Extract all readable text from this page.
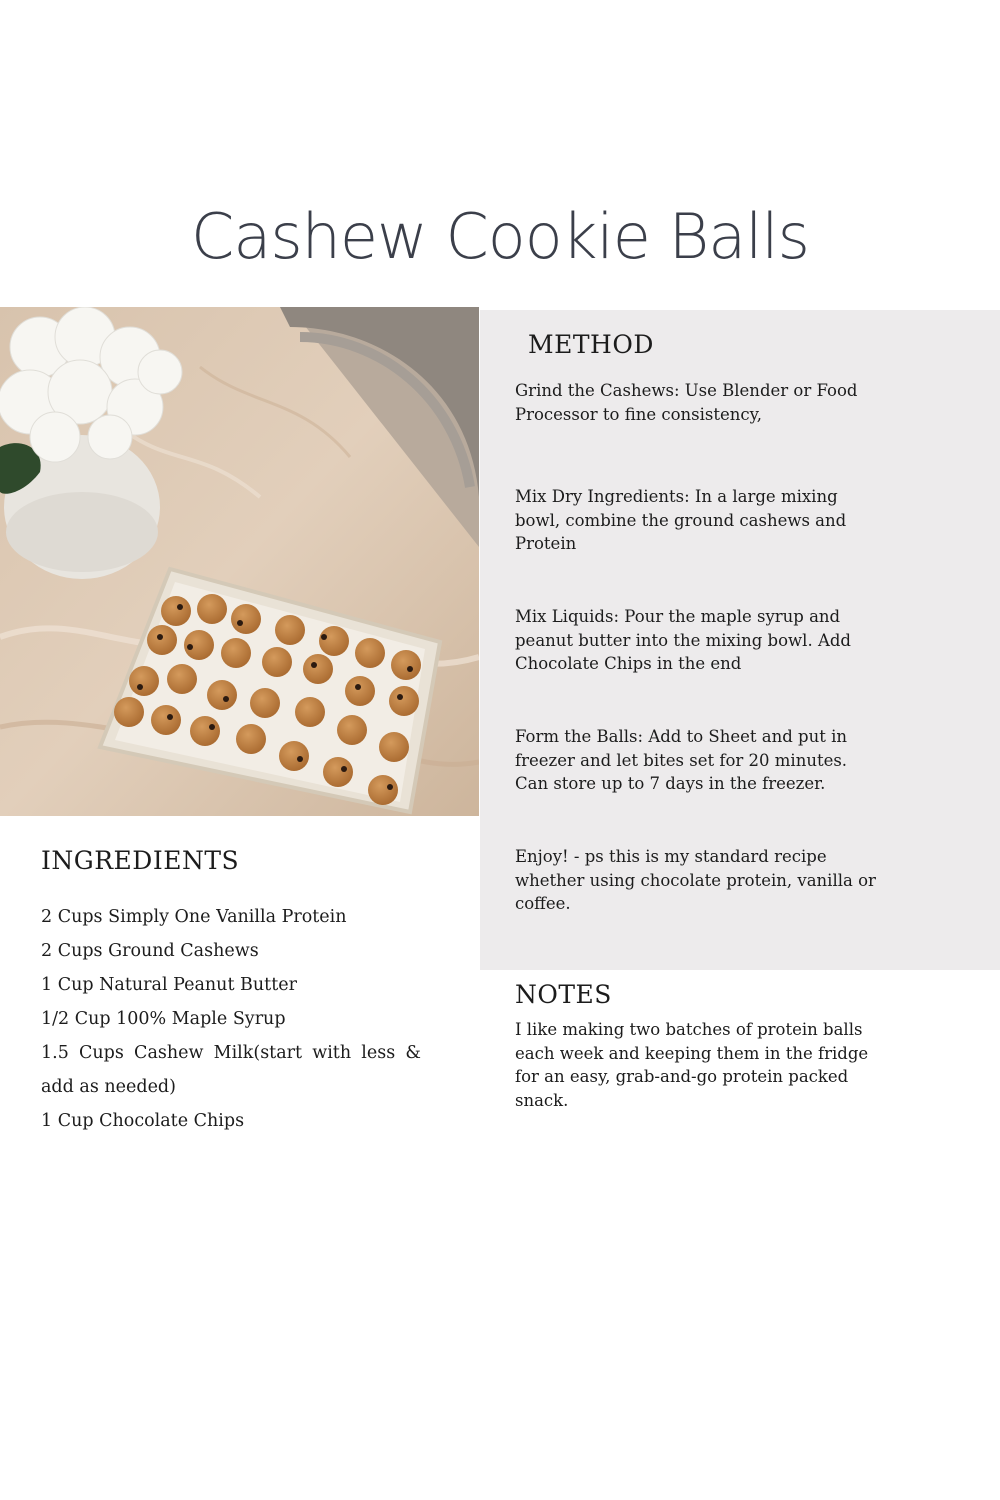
Cashew Cookie Balls
METHOD

Grind the Cashews: Use Blender or Food Processor to fine consistency,

Mix Dry Ingredients: In a large mixing bowl, combine the ground cashews and Protein

Mix Liquids: Pour the maple syrup and peanut butter into the mixing bowl. Add Chocolate Chips in the end

Form the Balls: Add to Sheet and put in freezer and let bites set for 20 minutes. Can store up to 7 days in the freezer.

Enjoy! - ps this is my standard recipe whether using chocolate protein, vanilla or coffee.

INGREDIENTS
2 Cups Simply One Vanilla Protein
2 Cups Ground Cashews
1 Cup Natural Peanut Butter
1/2 Cup 100% Maple Syrup
1.5 Cups Cashew Milk(start with less & add as needed)
1 Cup Chocolate Chips
NOTES

I like making two batches of protein balls each week and keeping them in the fridge for an easy, grab-and-go protein packed snack.
